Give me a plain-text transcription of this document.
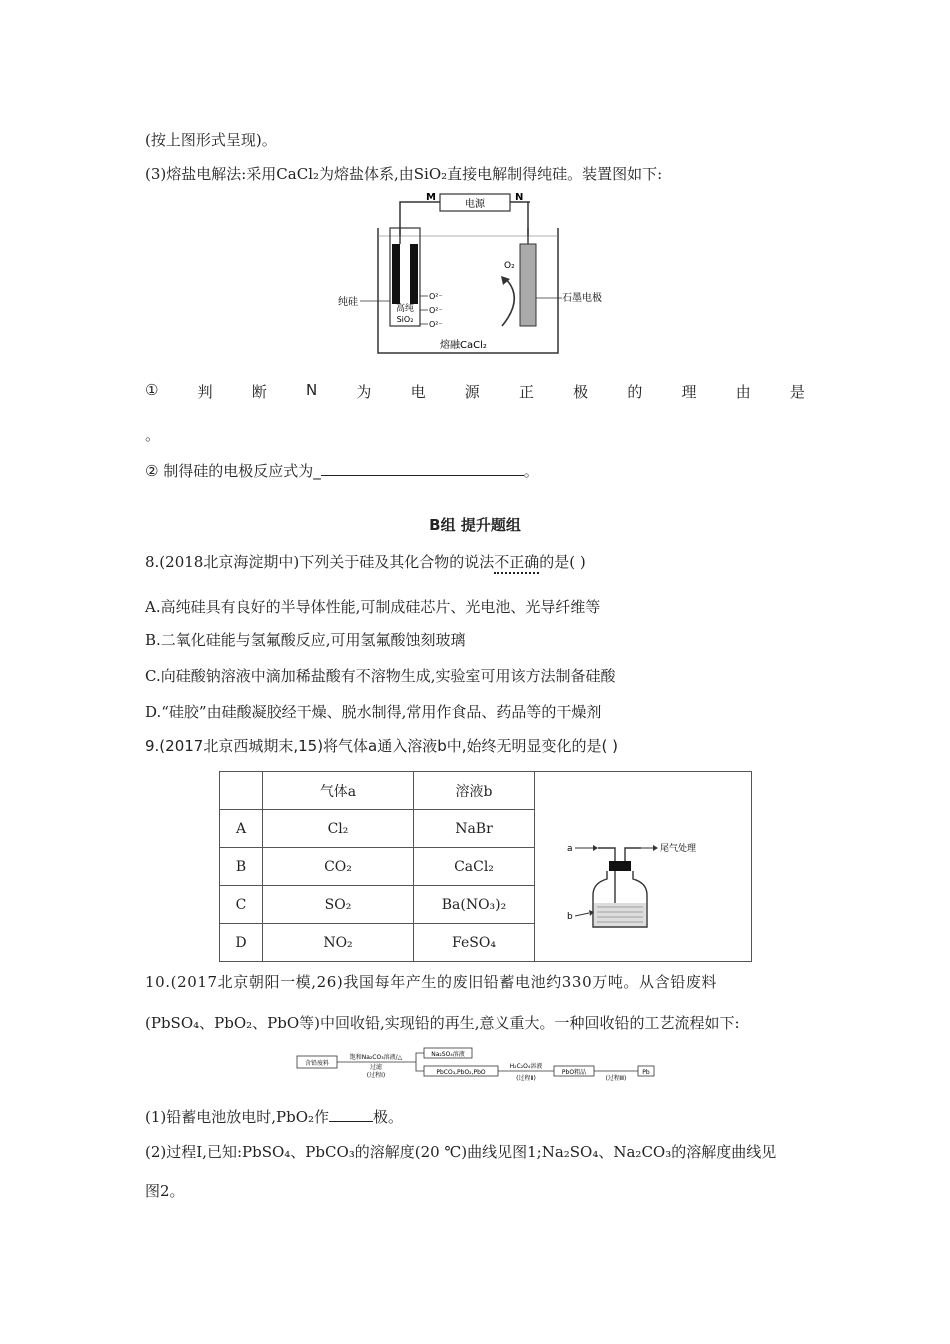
(按上图形式呈现)。
(3)熔盐电解法:采用CaCl₂为熔盐体系,由SiO₂直接电解制得纯硅。装置图如下:
电源
M	N
高纯
SiO₂
纯硅
O²⁻
O²⁻
O²⁻
石墨电极
O₂
熔融CaCl₂
①	判	断	N	为	电	源	正	极	的	理	由	是
。
② 制得硅的电极反应式为_	。
B组 提升题组
8.(2018北京海淀期中)下列关于硅及其化合物的说法不正确的是( )
A.高纯硅具有良好的半导体性能,可制成硅芯片、光电池、光导纤维等
B.二氧化硅能与氢氟酸反应,可用氢氟酸蚀刻玻璃
C.向硅酸钠溶液中滴加稀盐酸有不溶物生成,实验室可用该方法制备硅酸
D.“硅胶”由硅酸凝胶经干燥、脱水制得,常用作食品、药品等的干燥剂
9.(2017北京西城期末,15)将气体a通入溶液b中,始终无明显变化的是( )
	气体a	溶液b	a 尾气处理
b

A	Cl₂	NaBr	
B	CO₂	CaCl₂	
C	SO₂	Ba(NO₃)₂	
D	NO₂	FeSO₄	
10.(2017北京朝阳一模,26)我国每年产生的废旧铅蓄电池约330万吨。从含铅废料
(PbSO₄、PbO₂、PbO等)中回收铅,实现铅的再生,意义重大。一种回收铅的工艺流程如下:
含铅废料
饱和Na₂CO₃溶液/△
过滤
(过程Ⅰ)
Na₂SO₄溶液
PbCO₃,PbO₂,PbO
H₂C₂O₄溶液
(过程Ⅱ)
PbO粗品
(过程Ⅲ)
Pb
(1)铅蓄电池放电时,PbO₂作	极。
(2)过程Ⅰ,已知:PbSO₄、PbCO₃的溶解度(20 ℃)曲线见图1;Na₂SO₄、Na₂CO₃的溶解度曲线见
图2。
